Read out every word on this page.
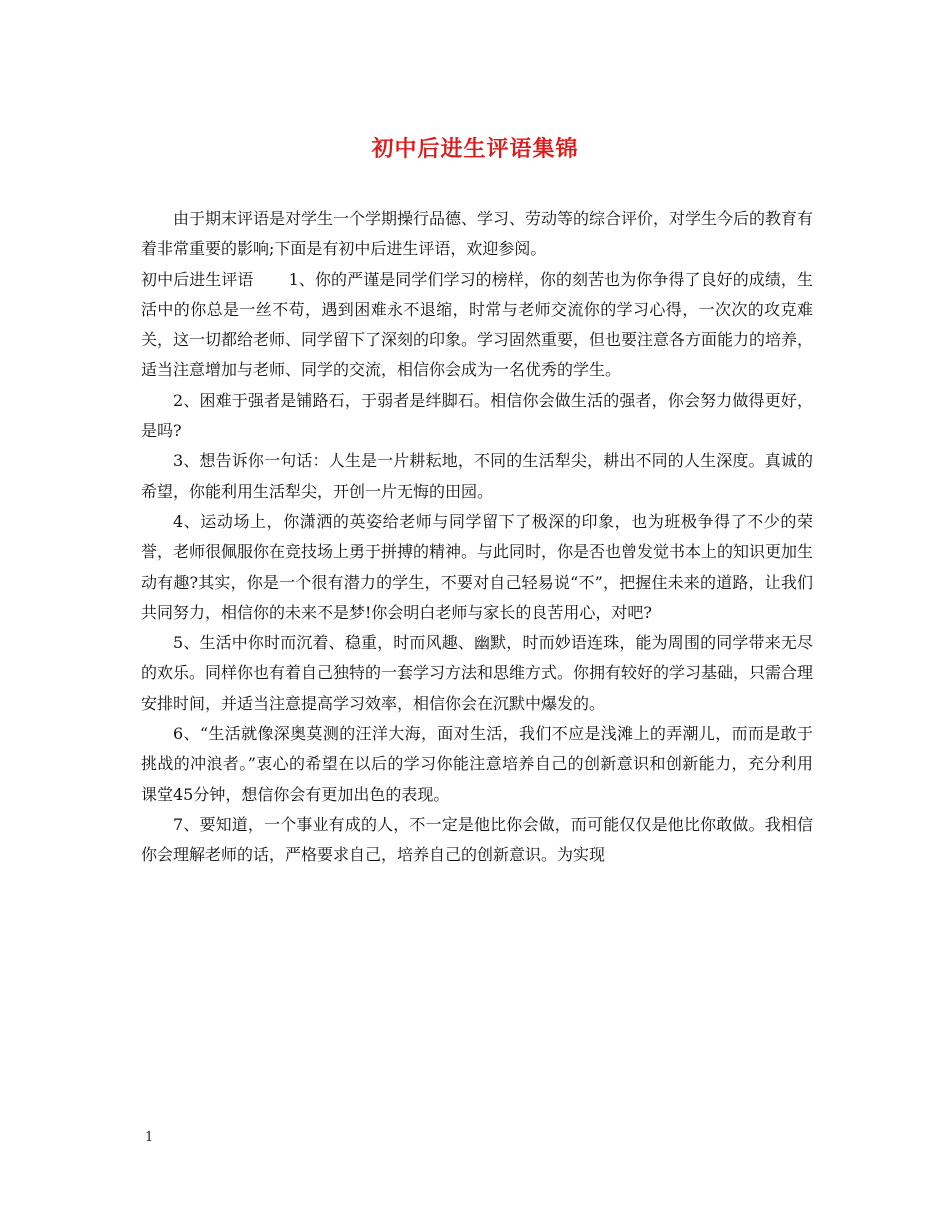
初中后进生评语集锦

由于期末评语是对学生一个学期操行品德、学习、劳动等的综合评价，对学生今后的教育有着非常重要的影响;下面是有初中后进生评语，欢迎参阅。

初中后进生评语 1、你的严谨是同学们学习的榜样，你的刻苦也为你争得了良好的成绩，生活中的你总是一丝不苟，遇到困难永不退缩，时常与老师交流你的学习心得，一次次的攻克难关，这一切都给老师、同学留下了深刻的印象。学习固然重要，但也要注意各方面能力的培养，适当注意增加与老师、同学的交流，相信你会成为一名优秀的学生。

2、困难于强者是铺路石，于弱者是绊脚石。相信你会做生活的强者，你会努力做得更好，是吗?

3、想告诉你一句话：人生是一片耕耘地，不同的生活犁尖，耕出不同的人生深度。真诚的希望，你能利用生活犁尖，开创一片无悔的田园。

4、运动场上，你潇洒的英姿给老师与同学留下了极深的印象，也为班极争得了不少的荣誉，老师很佩服你在竞技场上勇于拼搏的精神。与此同时，你是否也曾发觉书本上的知识更加生动有趣?其实，你是一个很有潜力的学生，不要对自己轻易说“不”，把握住未来的道路，让我们共同努力，相信你的未来不是梦!你会明白老师与家长的良苦用心，对吧?

5、生活中你时而沉着、稳重，时而风趣、幽默，时而妙语连珠，能为周围的同学带来无尽的欢乐。同样你也有着自己独特的一套学习方法和思维方式。你拥有较好的学习基础，只需合理安排时间，并适当注意提高学习效率，相信你会在沉默中爆发的。

6、“生活就像深奥莫测的汪洋大海，面对生活，我们不应是浅滩上的弄潮儿，而而是敢于挑战的冲浪者。”衷心的希望在以后的学习你能注意培养自己的创新意识和创新能力，充分利用课堂45分钟，想信你会有更加出色的表现。

7、要知道，一个事业有成的人，不一定是他比你会做，而可能仅仅是他比你敢做。我相信你会理解老师的话，严格要求自己，培养自己的创新意识。为实现

1
